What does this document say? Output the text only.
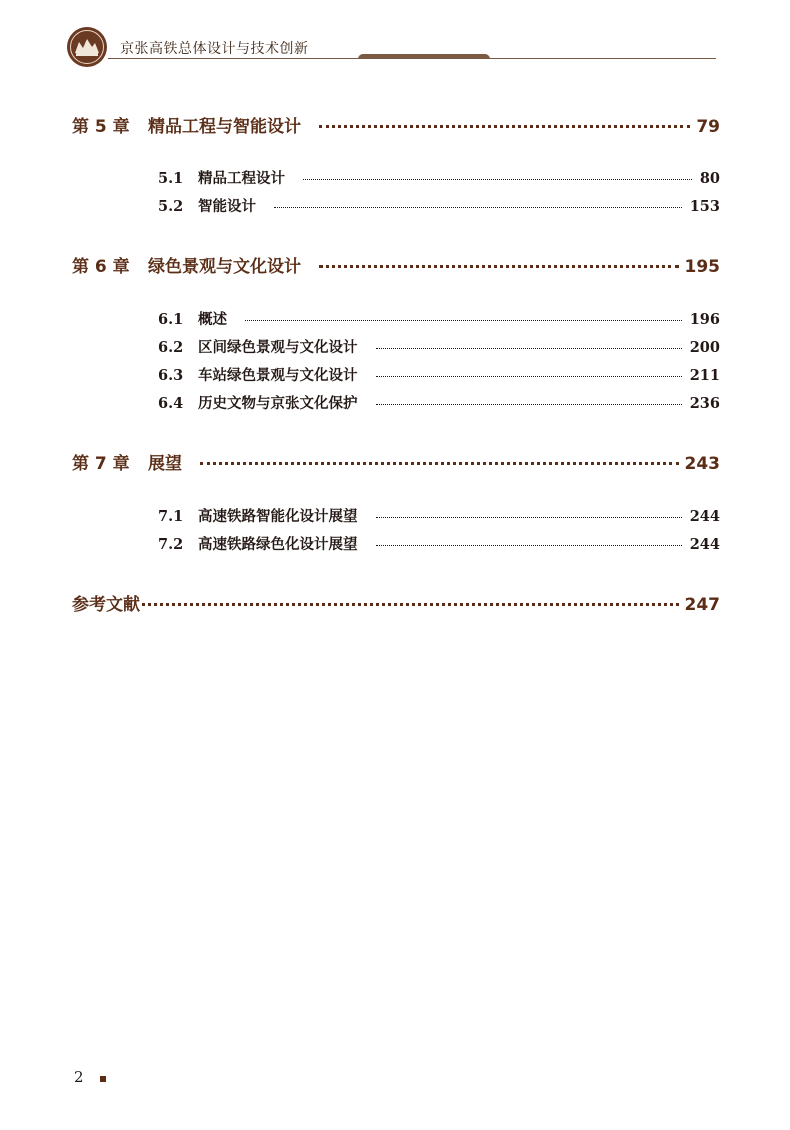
京张高铁总体设计与技术创新
第 5 章	精品工程与智能设计	79
5.1	精品工程设计	80
5.2	智能设计	153
第 6 章	绿色景观与文化设计	195
6.1	概述	196
6.2	区间绿色景观与文化设计	200
6.3	车站绿色景观与文化设计	211
6.4	历史文物与京张文化保护	236
第 7 章	展望	243
7.1	高速铁路智能化设计展望	244
7.2	高速铁路绿色化设计展望	244
参考文献	247
2
